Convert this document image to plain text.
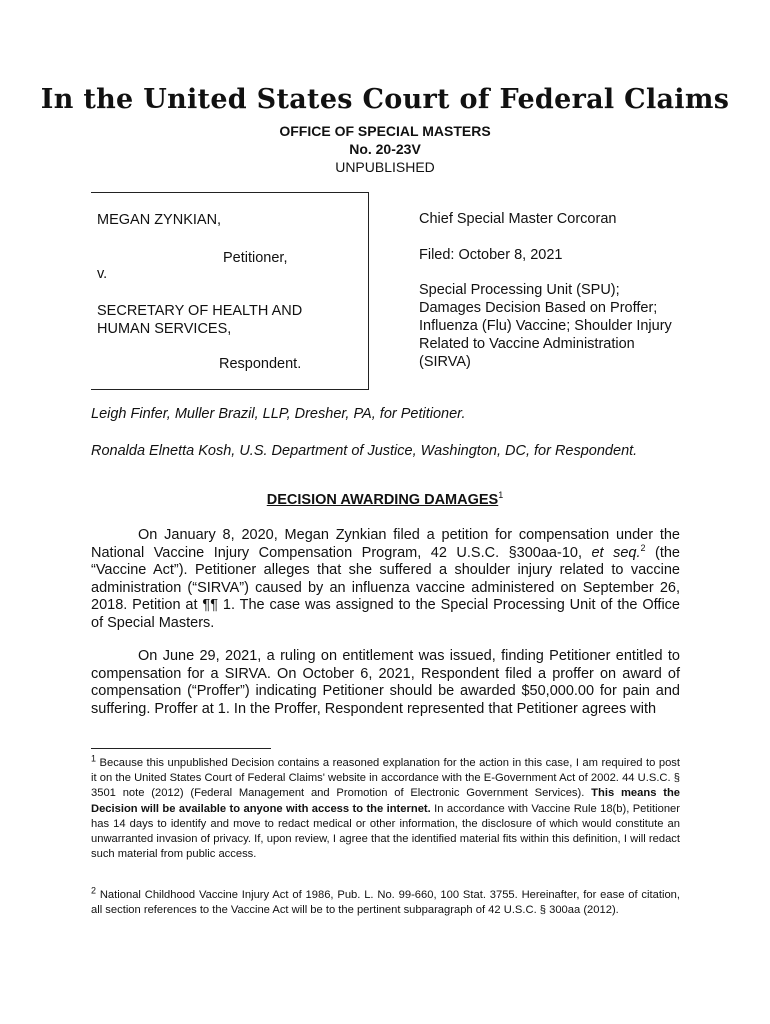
In the United States Court of Federal Claims
OFFICE OF SPECIAL MASTERS
No. 20-23V
UNPUBLISHED
MEGAN ZYNKIAN,
Petitioner,
v.
SECRETARY OF HEALTH AND
HUMAN SERVICES,
Respondent.
Chief Special Master Corcoran
Filed: October 8, 2021
Special Processing Unit (SPU); Damages Decision Based on Proffer; Influenza (Flu) Vaccine; Shoulder Injury Related to Vaccine Administration (SIRVA)
Leigh Finfer, Muller Brazil, LLP, Dresher, PA, for Petitioner.
Ronalda Elnetta Kosh, U.S. Department of Justice, Washington, DC, for Respondent.
DECISION AWARDING DAMAGES$^1$

On January 8, 2020, Megan Zynkian filed a petition for compensation under the National Vaccine Injury Compensation Program, 42 U.S.C. §300aa-10, et seq.$^2$ (the “Vaccine Act”). Petitioner alleges that she suffered a shoulder injury related to vaccine administration (“SIRVA”) caused by an influenza vaccine administered on September 26, 2018. Petition at ¶¶ 1. The case was assigned to the Special Processing Unit of the Office of Special Masters.

On June 29, 2021, a ruling on entitlement was issued, finding Petitioner entitled to compensation for a SIRVA. On October 6, 2021, Respondent filed a proffer on award of compensation (“Proffer”) indicating Petitioner should be awarded $50,000.00 for pain and suffering. Proffer at 1. In the Proffer, Respondent represented that Petitioner agrees with

$^1$ Because this unpublished Decision contains a reasoned explanation for the action in this case, I am required to post it on the United States Court of Federal Claims' website in accordance with the E-Government Act of 2002. 44 U.S.C. § 3501 note (2012) (Federal Management and Promotion of Electronic Government Services). This means the Decision will be available to anyone with access to the internet. In accordance with Vaccine Rule 18(b), Petitioner has 14 days to identify and move to redact medical or other information, the disclosure of which would constitute an unwarranted invasion of privacy. If, upon review, I agree that the identified material fits within this definition, I will redact such material from public access.

$^2$ National Childhood Vaccine Injury Act of 1986, Pub. L. No. 99-660, 100 Stat. 3755. Hereinafter, for ease of citation, all section references to the Vaccine Act will be to the pertinent subparagraph of 42 U.S.C. § 300aa (2012).
